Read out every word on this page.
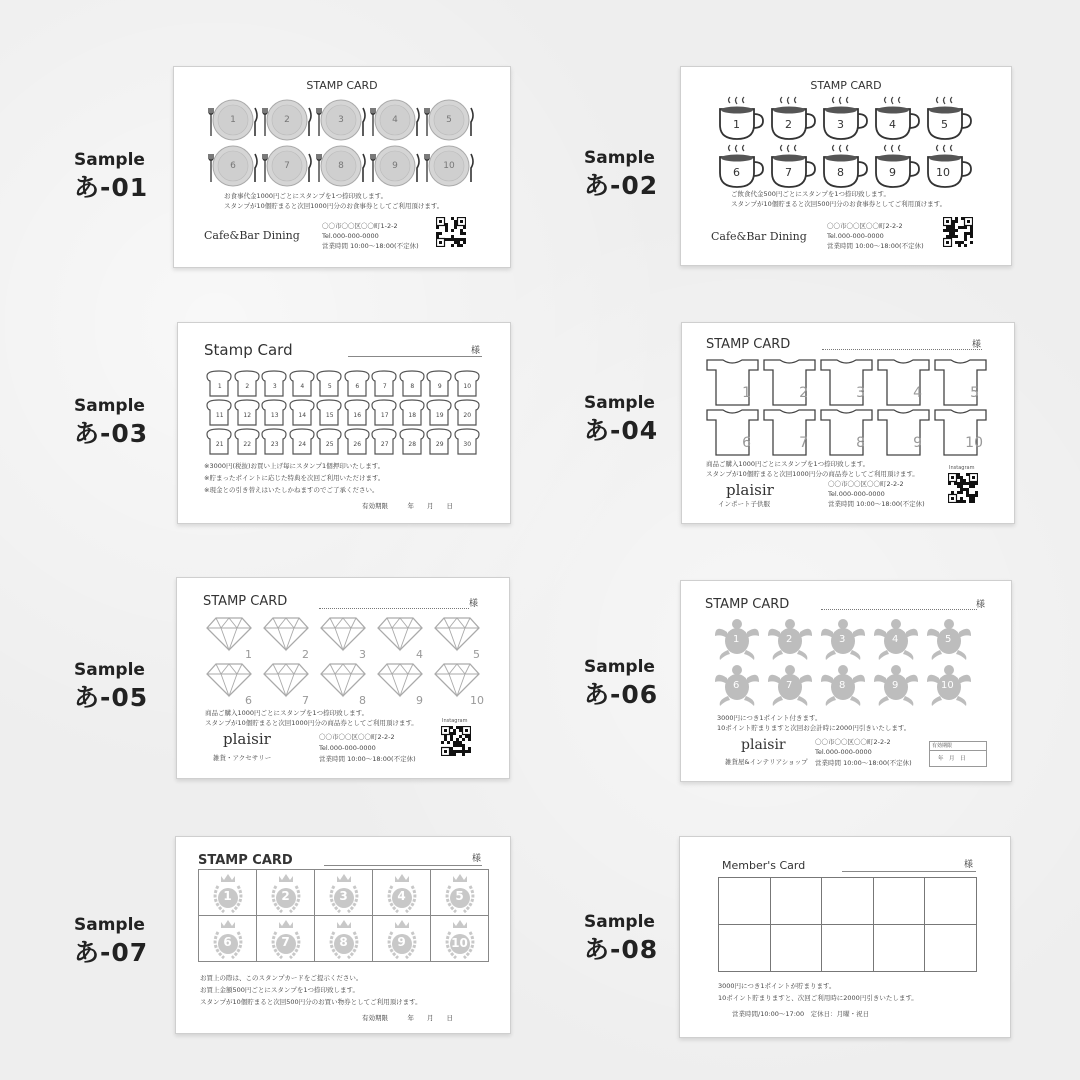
Sample
あ-01
Sample
あ-02
Sample
あ-03
Sample
あ-04
Sample
あ-05
Sample
あ-06
Sample
あ-07
Sample
あ-08
STAMP CARD
1	2	3	4	5
6	7	8	9	10
お食事代金1000円ごとにスタンプを1つ捺印致します。
スタンプが10個貯まると次回1000円分のお食事券としてご利用頂けます。
Cafe&Bar Dining
〇〇市〇〇区〇〇町1-2-2
Tel.000-000-0000
営業時間 10:00～18:00(不定休)
STAMP CARD
1	2	3	4	5
6	7	8	9	10
ご飲食代金500円ごとにスタンプを1つ捺印致します。
スタンプが10個貯まると次回500円分のお食事券としてご利用頂けます。
Cafe&Bar Dining
〇〇市〇〇区〇〇町2-2-2
Tel.000-000-0000
営業時間 10:00～18:00(不定休)
Stamp Card	様
1	2	3	4	5	6	7	8	9	10
11	12	13	14	15	16	17	18	19	20
21	22	23	24	25	26	27	28	29	30
※3000円(税抜)お買い上げ毎にスタンプ1個押印いたします。
※貯まったポイントに応じた特典を次回ご利用いただけます。
※現金との引き替えはいたしかねますのでご了承ください。
有効期限　　　年　　月　　日
STAMP CARD	様
1	2	3	4	5
6	7	8	9	10
商品ご購入1000円ごとにスタンプを1つ捺印致します。
スタンプが10個貯まると次回1000円分の商品券としてご利用頂けます。
plaisir
インポート子供服
〇〇市〇〇区〇〇町2-2-2
Tel.000-000-0000
営業時間 10:00～18:00(不定休)
Instagram
STAMP CARD	様
1	2	3	4	5
6	7	8	9	10
商品ご購入1000円ごとにスタンプを1つ捺印致します。
スタンプが10個貯まると次回1000円分の商品券としてご利用頂けます。
plaisir
雑貨・アクセサリー
〇〇市〇〇区〇〇町2-2-2
Tel.000-000-0000
営業時間 10:00～18:00(不定休)
Instagram
STAMP CARD	様
1	2	3	4	5
6	7	8	9	10
3000円につき1ポイント付きます。
10ポイント貯まりますと次回お会計時に2000円引きいたします。
plaisir
雑貨屋&インテリアショップ
〇〇市〇〇区〇〇町2-2-2
Tel.000-000-0000
営業時間 10:00～18:00(不定休)
有効期限
年　月　日
STAMP CARD	様
1	2	3	4	5
6	7	8	9	10
お買上の際は、このスタンプカードをご提示ください。
お買上金額500円ごとにスタンプを1つ捺印致します。
スタンプが10個貯まると次回500円分のお買い物券としてご利用頂けます。
有効期限　　　年　　月　　日
Member's Card	様
3000円につき1ポイントが貯まります。
10ポイント貯まりますと、次回ご利用時に2000円引きいたします。
営業時間/10:00～17:00　定休日：月曜・祝日
